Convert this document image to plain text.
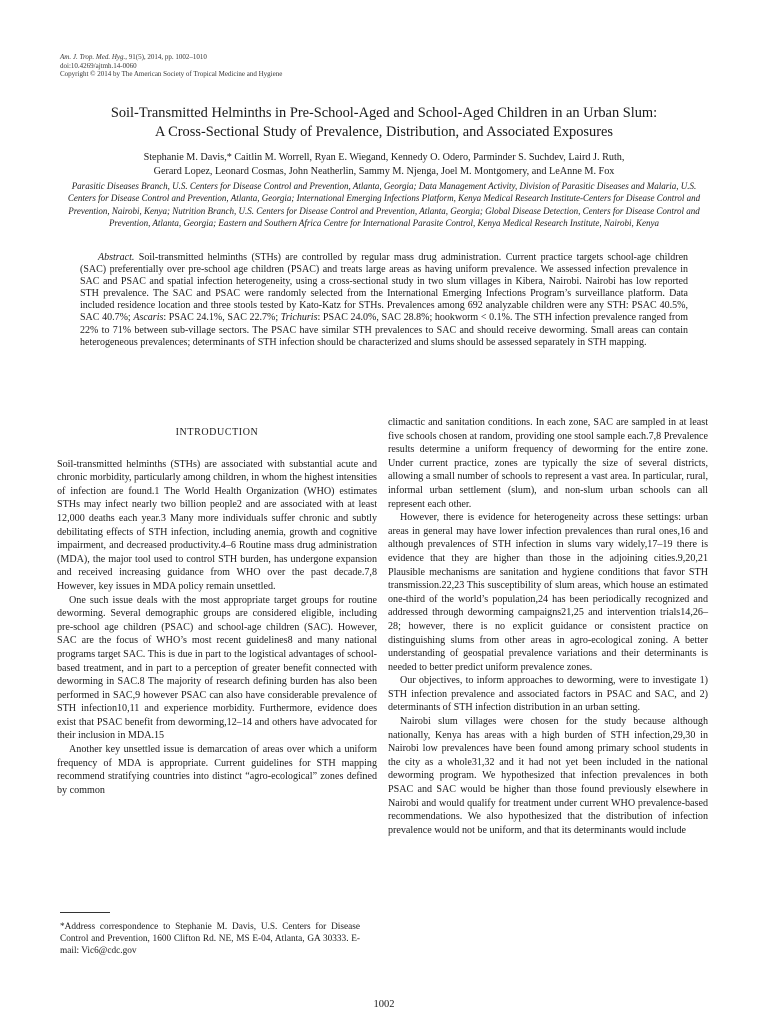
Am. J. Trop. Med. Hyg., 91(5), 2014, pp. 1002–1010
doi:10.4269/ajtmh.14-0060
Copyright © 2014 by The American Society of Tropical Medicine and Hygiene
Soil-Transmitted Helminths in Pre-School-Aged and School-Aged Children in an Urban Slum:
A Cross-Sectional Study of Prevalence, Distribution, and Associated Exposures
Stephanie M. Davis,* Caitlin M. Worrell, Ryan E. Wiegand, Kennedy O. Odero, Parminder S. Suchdev, Laird J. Ruth,
Gerard Lopez, Leonard Cosmas, John Neatherlin, Sammy M. Njenga, Joel M. Montgomery, and LeAnne M. Fox
Parasitic Diseases Branch, U.S. Centers for Disease Control and Prevention, Atlanta, Georgia; Data Management Activity, Division of Parasitic Diseases and Malaria, U.S. Centers for Disease Control and Prevention, Atlanta, Georgia; International Emerging Infections Platform, Kenya Medical Research Institute-Centers for Disease Control and Prevention, Nairobi, Kenya; Nutrition Branch, U.S. Centers for Disease Control and Prevention, Atlanta, Georgia; Global Disease Detection, Centers for Disease Control and Prevention, Atlanta, Georgia; Eastern and Southern Africa Centre for International Parasite Control, Kenya Medical Research Institute, Nairobi, Kenya
Abstract. Soil-transmitted helminths (STHs) are controlled by regular mass drug administration. Current practice targets school-age children (SAC) preferentially over pre-school age children (PSAC) and treats large areas as having uniform prevalence. We assessed infection prevalence in SAC and PSAC and spatial infection heterogeneity, using a cross-sectional study in two slum villages in Kibera, Nairobi. Nairobi has low reported STH prevalence. The SAC and PSAC were randomly selected from the International Emerging Infections Program’s surveillance platform. Data included residence location and three stools tested by Kato-Katz for STHs. Prevalences among 692 analyzable children were any STH: PSAC 40.5%, SAC 40.7%; Ascaris: PSAC 24.1%, SAC 22.7%; Trichuris: PSAC 24.0%, SAC 28.8%; hookworm < 0.1%. The STH infection prevalence ranged from 22% to 71% between sub-village sectors. The PSAC have similar STH prevalences to SAC and should receive deworming. Small areas can contain heterogeneous prevalences; determinants of STH infection should be characterized and slums should be assessed separately in STH mapping.
INTRODUCTION

Soil-transmitted helminths (STHs) are associated with substantial acute and chronic morbidity, particularly among children, in whom the highest intensities of infection are found.1 The World Health Organization (WHO) estimates STHs may infect nearly two billion people2 and are associated with at least 12,000 deaths each year.3 Many more individuals suffer chronic and subtly debilitating effects of STH infection, including anemia, growth and cognitive impairment, and decreased productivity.4–6 Routine mass drug administration (MDA), the major tool used to control STH burden, has undergone expansion and received increasing guidance from WHO over the past decade.7,8 However, key issues in MDA policy remain unsettled.

One such issue deals with the most appropriate target groups for routine deworming. Several demographic groups are considered eligible, including pre-school age children (PSAC) and school-age children (SAC). However, SAC are the focus of WHO’s most recent guidelines8 and many national programs target SAC. This is due in part to the logistical advantages of school-based treatment, and in part to a perception of greater benefit connected with deworming in SAC.8 The majority of research defining burden has also been performed in SAC,9 however PSAC can also have considerable prevalence of STH infection10,11 and experience morbidity. Furthermore, evidence does exist that PSAC benefit from deworming,12–14 and others have advocated for their inclusion in MDA.15

Another key unsettled issue is demarcation of areas over which a uniform frequency of MDA is appropriate. Current guidelines for STH mapping recommend stratifying countries into distinct “agro-ecological” zones defined by common

climactic and sanitation conditions. In each zone, SAC are sampled in at least five schools chosen at random, providing one stool sample each.7,8 Prevalence results determine a uniform frequency of deworming for the entire zone. Under current practice, zones are typically the size of several districts, allowing a small number of schools to represent a vast area. In particular, rural, informal urban settlement (slum), and non-slum urban schools can all represent each other.

However, there is evidence for heterogeneity across these settings: urban areas in general may have lower infection prevalences than rural ones,16 and although prevalences of STH infection in slums vary widely,17–19 there is evidence that they are higher than those in the adjoining cities.9,20,21 Plausible mechanisms are sanitation and hygiene conditions that favor STH transmission.22,23 This susceptibility of slum areas, which house an estimated one-third of the world’s population,24 has been periodically recognized and addressed through deworming campaigns21,25 and intervention trials14,26–28; however, there is no explicit guidance or consistent practice on distinguishing slums from other areas in agro-ecological zoning. A better understanding of geospatial prevalence variations and their determinants is needed to better predict uniform prevalence zones.

Our objectives, to inform approaches to deworming, were to investigate 1) STH infection prevalence and associated factors in PSAC and SAC, and 2) determinants of STH infection distribution in an urban setting.

Nairobi slum villages were chosen for the study because although nationally, Kenya has areas with a high burden of STH infection,29,30 in Nairobi low prevalences have been found among primary school students in the city as a whole31,32 and it had not yet been included in the national deworming program. We hypothesized that infection prevalences in both PSAC and SAC would be higher than those found previously elsewhere in Nairobi and would qualify for treatment under current WHO prevalence-based recommendations. We also hypothesized that the distribution of infection prevalence would not be uniform, and that its determinants would include

*Address correspondence to Stephanie M. Davis, U.S. Centers for Disease Control and Prevention, 1600 Clifton Rd. NE, MS E-04, Atlanta, GA 30333. E-mail: Vic6@cdc.gov
1002
